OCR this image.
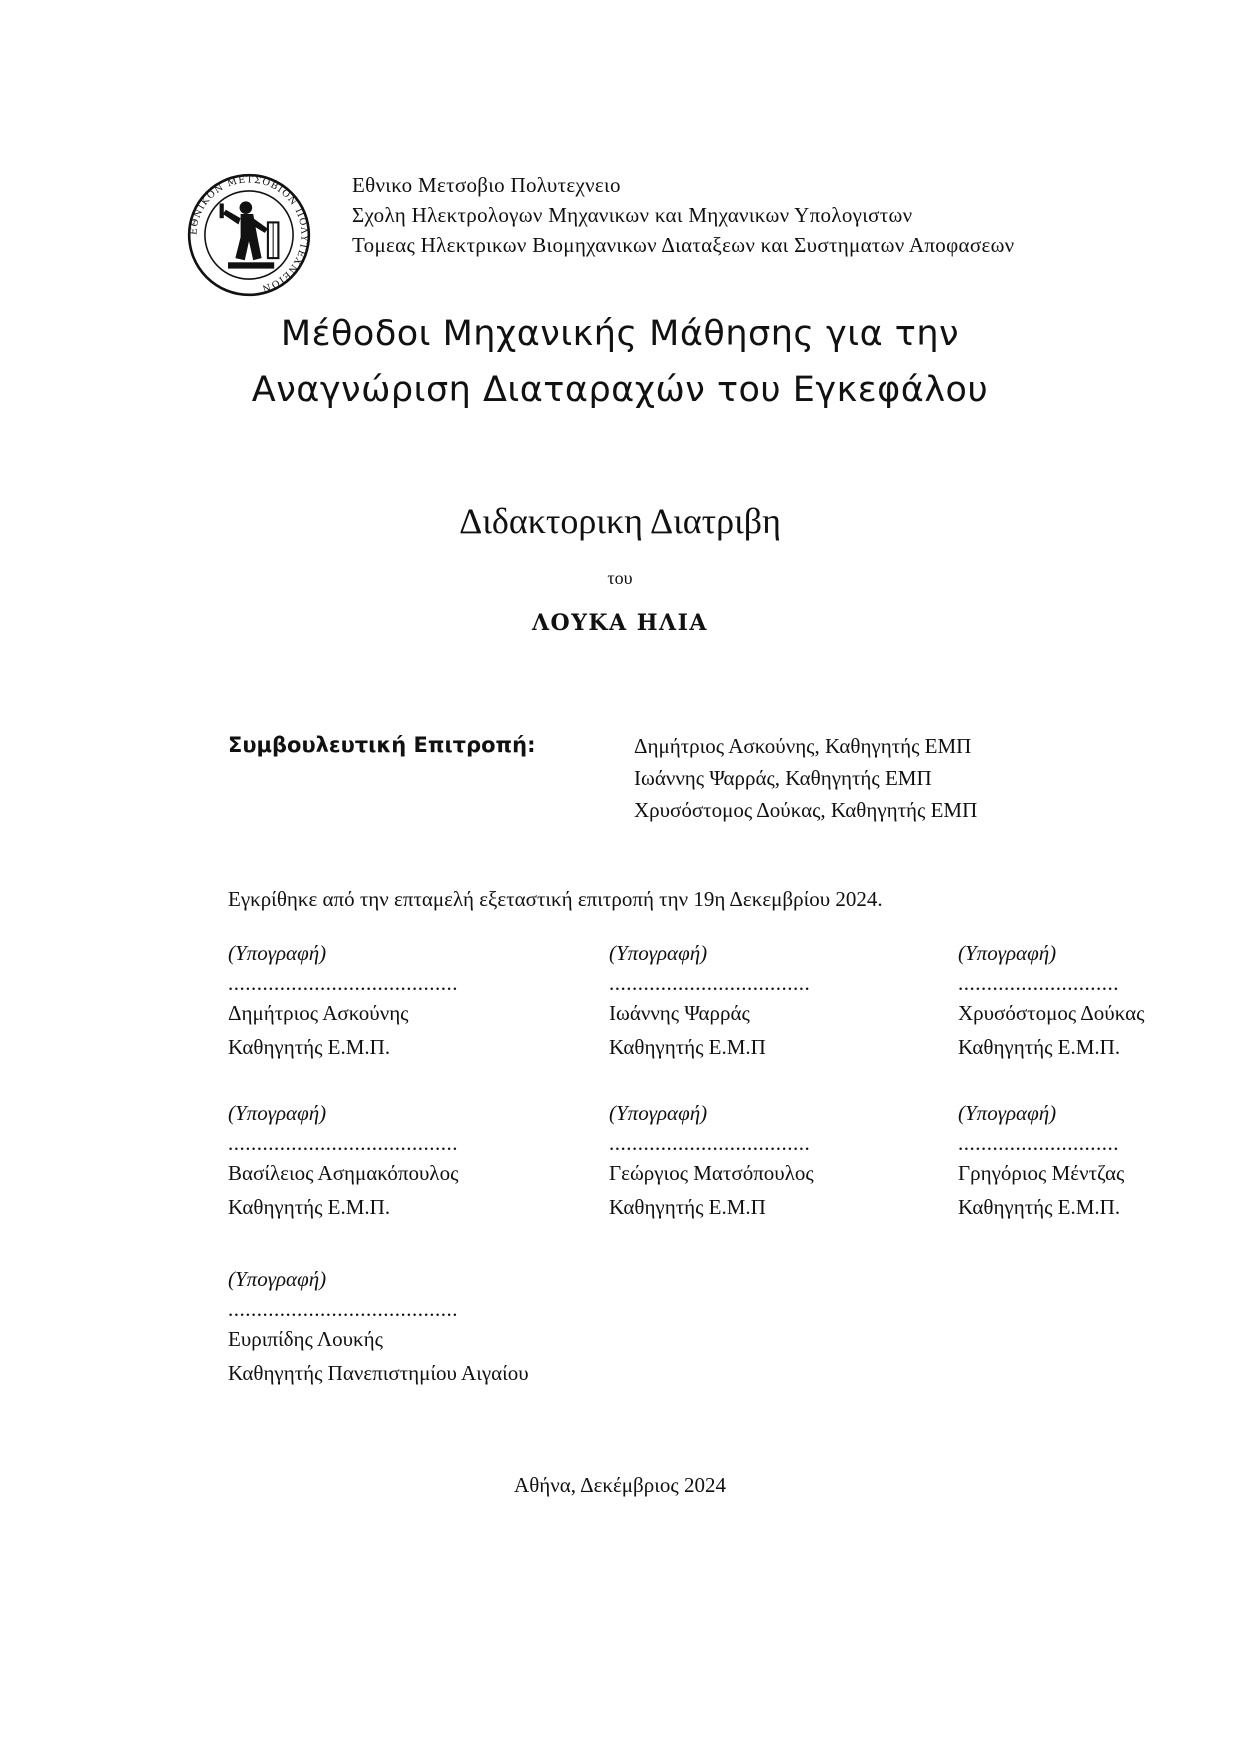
ΕΘΝΙΚΟΝ ΜΕΤΣΟΒΙΟΝ ΠΟΛΥΤΕΧΝΕΙΟΝ
Εθνικο Μετσοβιο Πολυτεχνειο
Σχολη Ηλεκτρολογων Μηχανικων και Μηχανικων Υπολογιστων
Τομεας Ηλεκτρικων Βιομηχανικων Διαταξεων και Συστηματων Αποφασεων
Μέθοδοι Μηχανικής Μάθησης για την
Αναγνώριση Διαταραχών του Εγκεφάλου
Διδακτορικη Διατριβη
του
ΛΟΥΚΑ ΗΛΙΑ
Συμβουλευτική Επιτροπή:	Δημήτριος Ασκούνης, Καθηγητής ΕΜΠ
Ιωάννης Ψαρράς, Καθηγητής ΕΜΠ
Χρυσόστομος Δούκας, Καθηγητής ΕΜΠ
Εγκρίθηκε από την επταμελή εξεταστική επιτροπή την 19η Δεκεμβρίου 2024.
(Υπογραφή)
........................................
Δημήτριος Ασκούνης
Καθηγητής Ε.Μ.Π.
(Υπογραφή)
...................................
Ιωάννης Ψαρράς
Καθηγητής Ε.Μ.Π
(Υπογραφή)
............................
Χρυσόστομος Δούκας
Καθηγητής Ε.Μ.Π.
(Υπογραφή)
........................................
Βασίλειος Ασημακόπουλος
Καθηγητής Ε.Μ.Π.
(Υπογραφή)
...................................
Γεώργιος Ματσόπουλος
Καθηγητής Ε.Μ.Π
(Υπογραφή)
............................
Γρηγόριος Μέντζας
Καθηγητής Ε.Μ.Π.
(Υπογραφή)
........................................
Ευριπίδης Λουκής
Καθηγητής Πανεπιστημίου Αιγαίου
Αθήνα, Δεκέμβριος 2024
